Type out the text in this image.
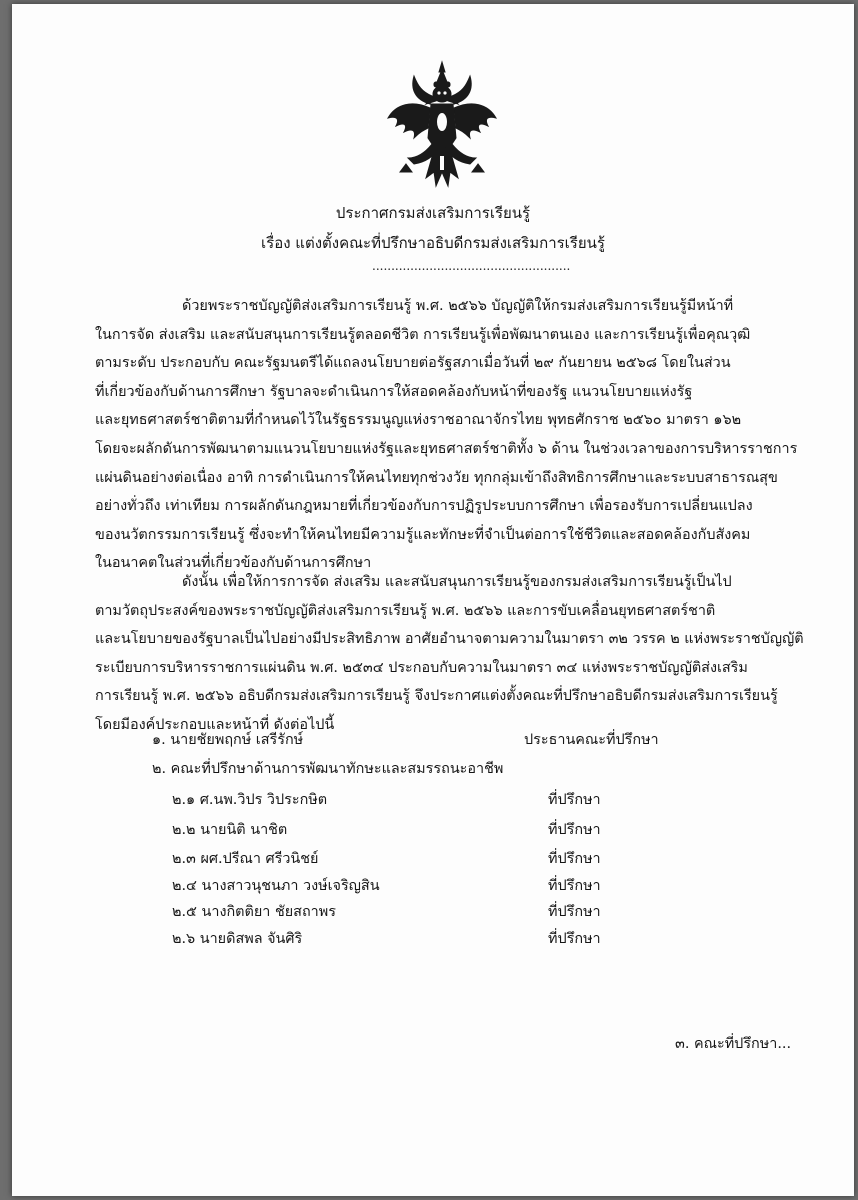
ประกาศกรมส่งเสริมการเรียนรู้
เรื่อง แต่งตั้งคณะที่ปรึกษาอธิบดีกรมส่งเสริมการเรียนรู้
....................................................
ด้วยพระราชบัญญัติส่งเสริมการเรียนรู้ พ.ศ. ๒๕๖๖ บัญญัติให้กรมส่งเสริมการเรียนรู้มีหน้าที่
ในการจัด ส่งเสริม และสนับสนุนการเรียนรู้ตลอดชีวิต การเรียนรู้เพื่อพัฒนาตนเอง และการเรียนรู้เพื่อคุณวุฒิ
ตามระดับ ประกอบกับ คณะรัฐมนตรีได้แถลงนโยบายต่อรัฐสภาเมื่อวันที่ ๒๙ กันยายน ๒๕๖๘ โดยในส่วน
ที่เกี่ยวข้องกับด้านการศึกษา รัฐบาลจะดำเนินการให้สอดคล้องกับหน้าที่ของรัฐ แนวนโยบายแห่งรัฐ
และยุทธศาสตร์ชาติตามที่กำหนดไว้ในรัฐธรรมนูญแห่งราชอาณาจักรไทย พุทธศักราช ๒๕๖๐ มาตรา ๑๖๒
โดยจะผลักดันการพัฒนาตามแนวนโยบายแห่งรัฐและยุทธศาสตร์ชาติทั้ง ๖ ด้าน ในช่วงเวลาของการบริหารราชการ
แผ่นดินอย่างต่อเนื่อง อาทิ การดำเนินการให้คนไทยทุกช่วงวัย ทุกกลุ่มเข้าถึงสิทธิการศึกษาและระบบสาธารณสุข
อย่างทั่วถึง เท่าเทียม การผลักดันกฎหมายที่เกี่ยวข้องกับการปฏิรูประบบการศึกษา เพื่อรองรับการเปลี่ยนแปลง
ของนวัตกรรมการเรียนรู้ ซึ่งจะทำให้คนไทยมีความรู้และทักษะที่จำเป็นต่อการใช้ชีวิตและสอดคล้องกับสังคม
ในอนาคตในส่วนที่เกี่ยวข้องกับด้านการศึกษา
ดังนั้น เพื่อให้การการจัด ส่งเสริม และสนับสนุนการเรียนรู้ของกรมส่งเสริมการเรียนรู้เป็นไป
ตามวัตถุประสงค์ของพระราชบัญญัติส่งเสริมการเรียนรู้ พ.ศ. ๒๕๖๖ และการขับเคลื่อนยุทธศาสตร์ชาติ
และนโยบายของรัฐบาลเป็นไปอย่างมีประสิทธิภาพ อาศัยอำนาจตามความในมาตรา ๓๒ วรรค ๒ แห่งพระราชบัญญัติ
ระเบียบการบริหารราชการแผ่นดิน พ.ศ. ๒๕๓๔ ประกอบกับความในมาตรา ๓๔ แห่งพระราชบัญญัติส่งเสริม
การเรียนรู้ พ.ศ. ๒๕๖๖ อธิบดีกรมส่งเสริมการเรียนรู้ จึงประกาศแต่งตั้งคณะที่ปรึกษาอธิบดีกรมส่งเสริมการเรียนรู้
โดยมีองค์ประกอบและหน้าที่ ดังต่อไปนี้
๑. นายชัยพฤกษ์ เสรีรักษ์	ประธานคณะที่ปรึกษา
๒. คณะที่ปรึกษาด้านการพัฒนาทักษะและสมรรถนะอาชีพ
๒.๑ ศ.นพ.วิปร วิประกษิต	ที่ปรึกษา
๒.๒ นายนิติ นาชิต	ที่ปรึกษา
๒.๓ ผศ.ปรีณา ศรีวนิชย์	ที่ปรึกษา
๒.๔ นางสาวนุชนภา วงษ์เจริญสิน	ที่ปรึกษา
๒.๕ นางกิตติยา ชัยสถาพร	ที่ปรึกษา
๒.๖ นายดิสพล จันศิริ	ที่ปรึกษา
๓. คณะที่ปรึกษา...
